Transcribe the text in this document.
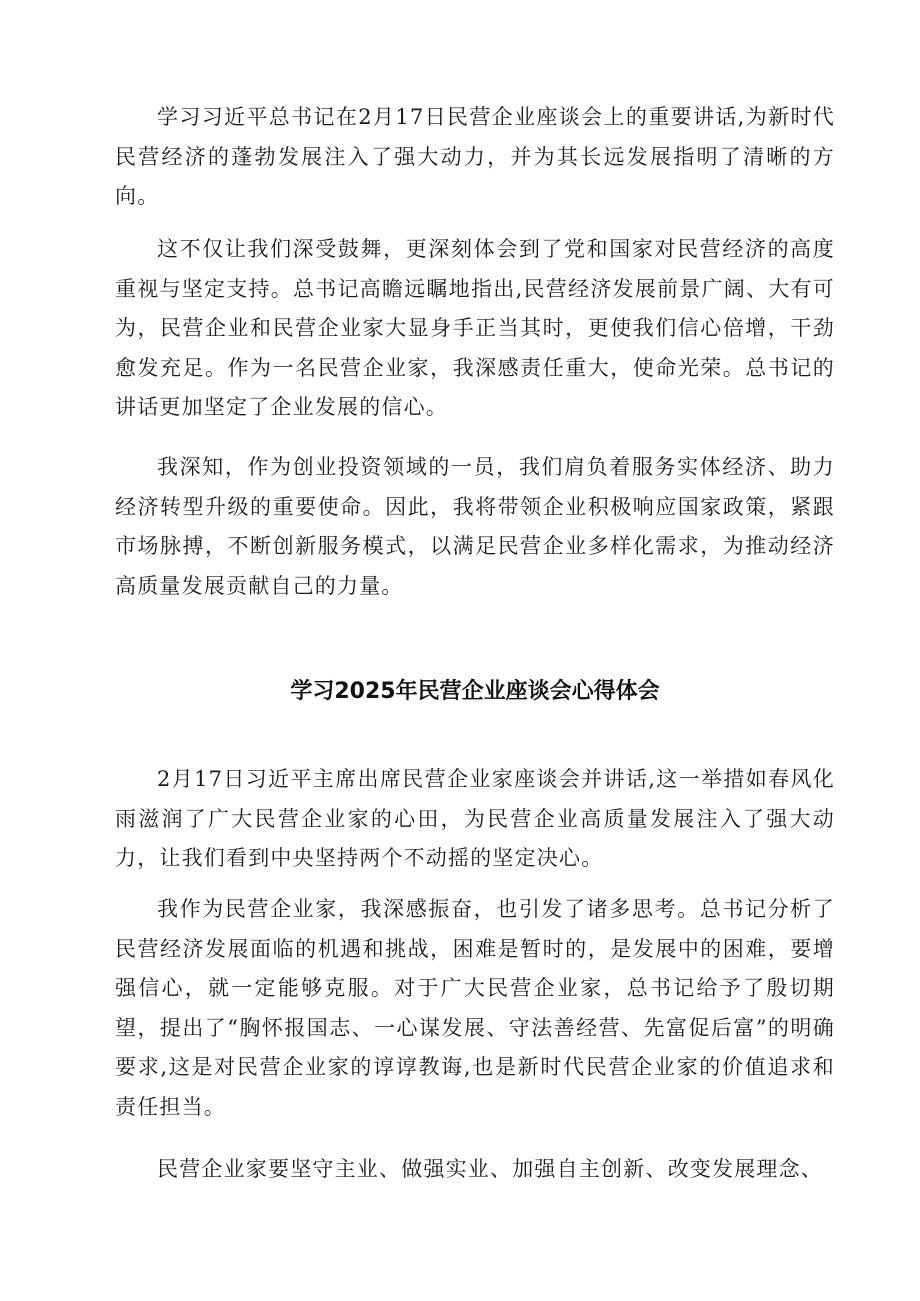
学习习近平总书记在2月17日民营企业座谈会上的重要讲话,为新时代民营经济的蓬勃发展注入了强大动力，并为其长远发展指明了清晰的方向。

这不仅让我们深受鼓舞，更深刻体会到了党和国家对民营经济的高度重视与坚定支持。总书记高瞻远瞩地指出,民营经济发展前景广阔、大有可为，民营企业和民营企业家大显身手正当其时，更使我们信心倍增，干劲愈发充足。作为一名民营企业家，我深感责任重大，使命光荣。总书记的讲话更加坚定了企业发展的信心。

我深知，作为创业投资领域的一员，我们肩负着服务实体经济、助力经济转型升级的重要使命。因此，我将带领企业积极响应国家政策，紧跟市场脉搏，不断创新服务模式，以满足民营企业多样化需求，为推动经济高质量发展贡献自己的力量。

学习2025年民营企业座谈会心得体会

2月17日习近平主席出席民营企业家座谈会并讲话,这一举措如春风化雨滋润了广大民营企业家的心田，为民营企业高质量发展注入了强大动力，让我们看到中央坚持两个不动摇的坚定决心。

我作为民营企业家，我深感振奋，也引发了诸多思考。总书记分析了民营经济发展面临的机遇和挑战，困难是暂时的，是发展中的困难，要增强信心，就一定能够克服。对于广大民营企业家，总书记给予了殷切期望，提出了“胸怀报国志、一心谋发展、守法善经营、先富促后富”的明确要求,这是对民营企业家的谆谆教诲,也是新时代民营企业家的价值追求和责任担当。

民营企业家要坚守主业、做强实业、加强自主创新、改变发展理念、
